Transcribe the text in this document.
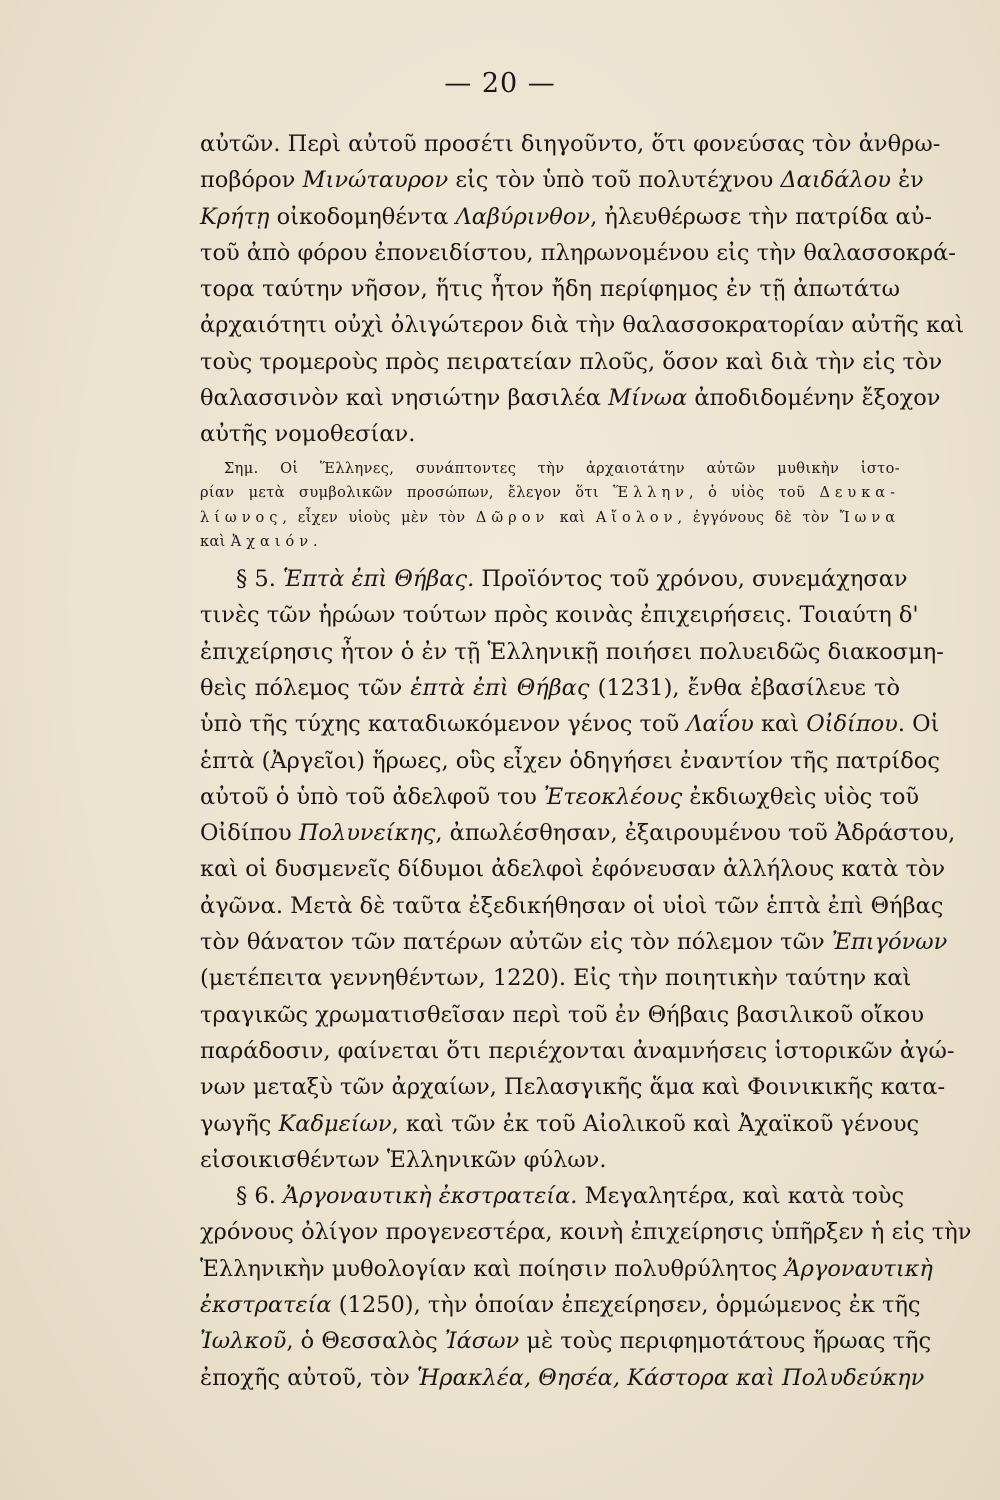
— 20 —
αὐτῶν. Περὶ αὐτοῦ προσέτι διηγοῦντο, ὅτι φονεύσας τὸν ἀνθρω-
ποβόρον Μινώταυρον εἰς τὸν ὑπὸ τοῦ πολυτέχνου Δαιδάλου ἐν
Κρήτῃ οἰκοδομηθέντα Λαβύρινθον, ἠλευθέρωσε τὴν πατρίδα αὐ-
τοῦ ἀπὸ φόρου ἐπονειδίστου, πληρωνομένου εἰς τὴν θαλασσοκρά-
τορα ταύτην νῆσον, ἥτις ἦτον ἤδη περίφημος ἐν τῇ ἀπωτάτω
ἀρχαιότητι οὐχὶ ὀλιγώτερον διὰ τὴν θαλασσοκρατορίαν αὐτῆς καὶ
τοὺς τρομεροὺς πρὸς πειρατείαν πλοῦς, ὅσον καὶ διὰ τὴν εἰς τὸν
θαλασσινὸν καὶ νησιώτην βασιλέα Μίνωα ἀποδιδομένην ἔξοχον
αὐτῆς νομοθεσίαν.
Σημ. Οἱ Ἕλληνες, συνάπτοντες τὴν ἀρχαιοτάτην αὐτῶν μυθικὴν ἱστο-
ρίαν μετὰ συμβολικῶν προσώπων, ἔλεγον ὅτι Ἕλλην, ὁ υἱὸς τοῦ Δευκα-
λίωνος, εἶχεν υἱοὺς μὲν τὸν Δῶρον καὶ Αἴολον, ἐγγόνους δὲ τὸν Ἴωνα
καὶ Ἀχαιόν.
§ 5. Ἑπτὰ ἐπὶ Θήβας. Προϊόντος τοῦ χρόνου, συνεμάχησαν
τινὲς τῶν ἡρώων τούτων πρὸς κοινὰς ἐπιχειρήσεις. Τοιαύτη δ'
ἐπιχείρησις ἦτον ὁ ἐν τῇ Ἑλληνικῇ ποιήσει πολυειδῶς διακοσμη-
θεὶς πόλεμος τῶν ἑπτὰ ἐπὶ Θήβας (1231), ἔνθα ἐβασίλευε τὸ
ὑπὸ τῆς τύχης καταδιωκόμενον γένος τοῦ Λαΐου καὶ Οἰδίπου. Οἱ
ἑπτὰ (Ἀργεῖοι) ἥρωες, οὓς εἶχεν ὁδηγήσει ἐναντίον τῆς πατρίδος
αὐτοῦ ὁ ὑπὸ τοῦ ἀδελφοῦ του Ἐτεοκλέους ἐκδιωχθεὶς υἱὸς τοῦ
Οἰδίπου Πολυνείκης, ἀπωλέσθησαν, ἐξαιρουμένου τοῦ Ἀδράστου,
καὶ οἱ δυσμενεῖς δίδυμοι ἀδελφοὶ ἐφόνευσαν ἀλλήλους κατὰ τὸν
ἀγῶνα. Μετὰ δὲ ταῦτα ἐξεδικήθησαν οἱ υἱοὶ τῶν ἑπτὰ ἐπὶ Θήβας
τὸν θάνατον τῶν πατέρων αὐτῶν εἰς τὸν πόλεμον τῶν Ἐπιγόνων
(μετέπειτα γεννηθέντων, 1220). Εἰς τὴν ποιητικὴν ταύτην καὶ
τραγικῶς χρωματισθεῖσαν περὶ τοῦ ἐν Θήβαις βασιλικοῦ οἴκου
παράδοσιν, φαίνεται ὅτι περιέχονται ἀναμνήσεις ἱστορικῶν ἀγώ-
νων μεταξὺ τῶν ἀρχαίων, Πελασγικῆς ἅμα καὶ Φοινικικῆς κατα-
γωγῆς Καδμείων, καὶ τῶν ἐκ τοῦ Αἰολικοῦ καὶ Ἀχαϊκοῦ γένους
εἰσοικισθέντων Ἑλληνικῶν φύλων.
§ 6. Ἀργοναυτικὴ ἐκστρατεία. Μεγαλητέρα, καὶ κατὰ τοὺς
χρόνους ὀλίγον προγενεστέρα, κοινὴ ἐπιχείρησις ὑπῆρξεν ἡ εἰς τὴν
Ἑλληνικὴν μυθολογίαν καὶ ποίησιν πολυθρύλητος Ἀργοναυτικὴ
ἐκστρατεία (1250), τὴν ὁποίαν ἐπεχείρησεν, ὁρμώμενος ἐκ τῆς
Ἰωλκοῦ, ὁ Θεσσαλὸς Ἰάσων μὲ τοὺς περιφημοτάτους ἥρωας τῆς
ἐποχῆς αὐτοῦ, τὸν Ἡρακλέα, Θησέα, Κάστορα καὶ Πολυδεύκην
